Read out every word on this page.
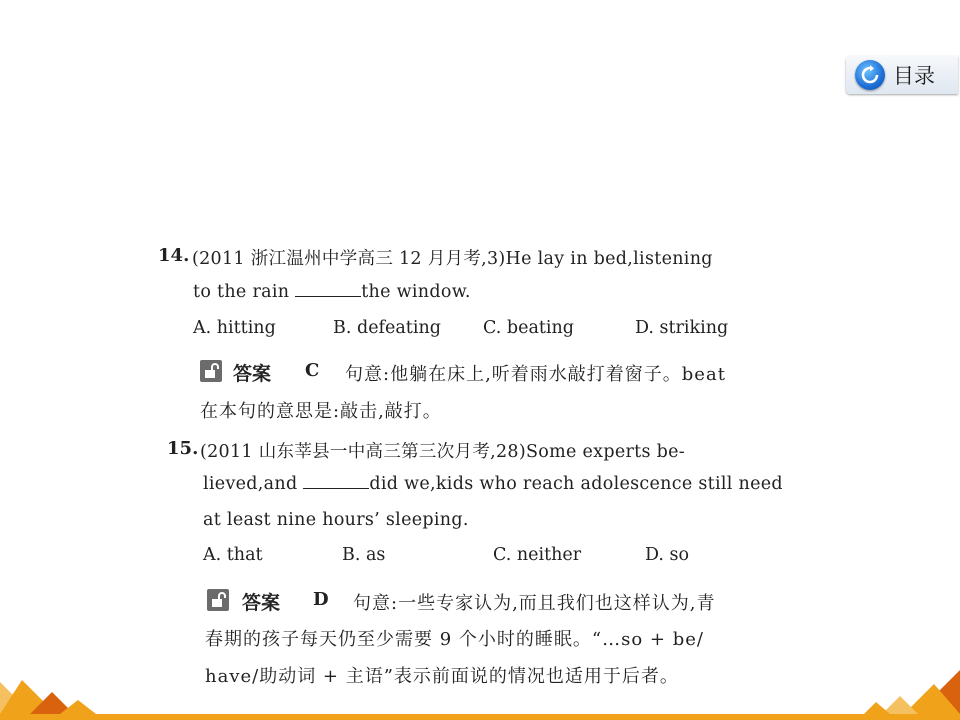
目录
14. (2011 浙江温州中学高三 12 月月考,3)He lay in bed,listening
to the rain	the window.
A. hitting	B. defeating C. beating	D. striking
答案 C 句意:他躺在床上,听着雨水敲打着窗子。beat
在本句的意思是:敲击,敲打。
15. (2011 山东莘县一中高三第三次月考,28)Some experts be-
lieved,and	did we,kids who reach adolescence still need
at least nine hours’ sleeping.
A. that	B. as	C. neither	D. so
答案 D 句意:一些专家认为,而且我们也这样认为,青
春期的孩子每天仍至少需要 9 个小时的睡眠。“…so + be/
have/助动词 + 主语”表示前面说的情况也适用于后者。
